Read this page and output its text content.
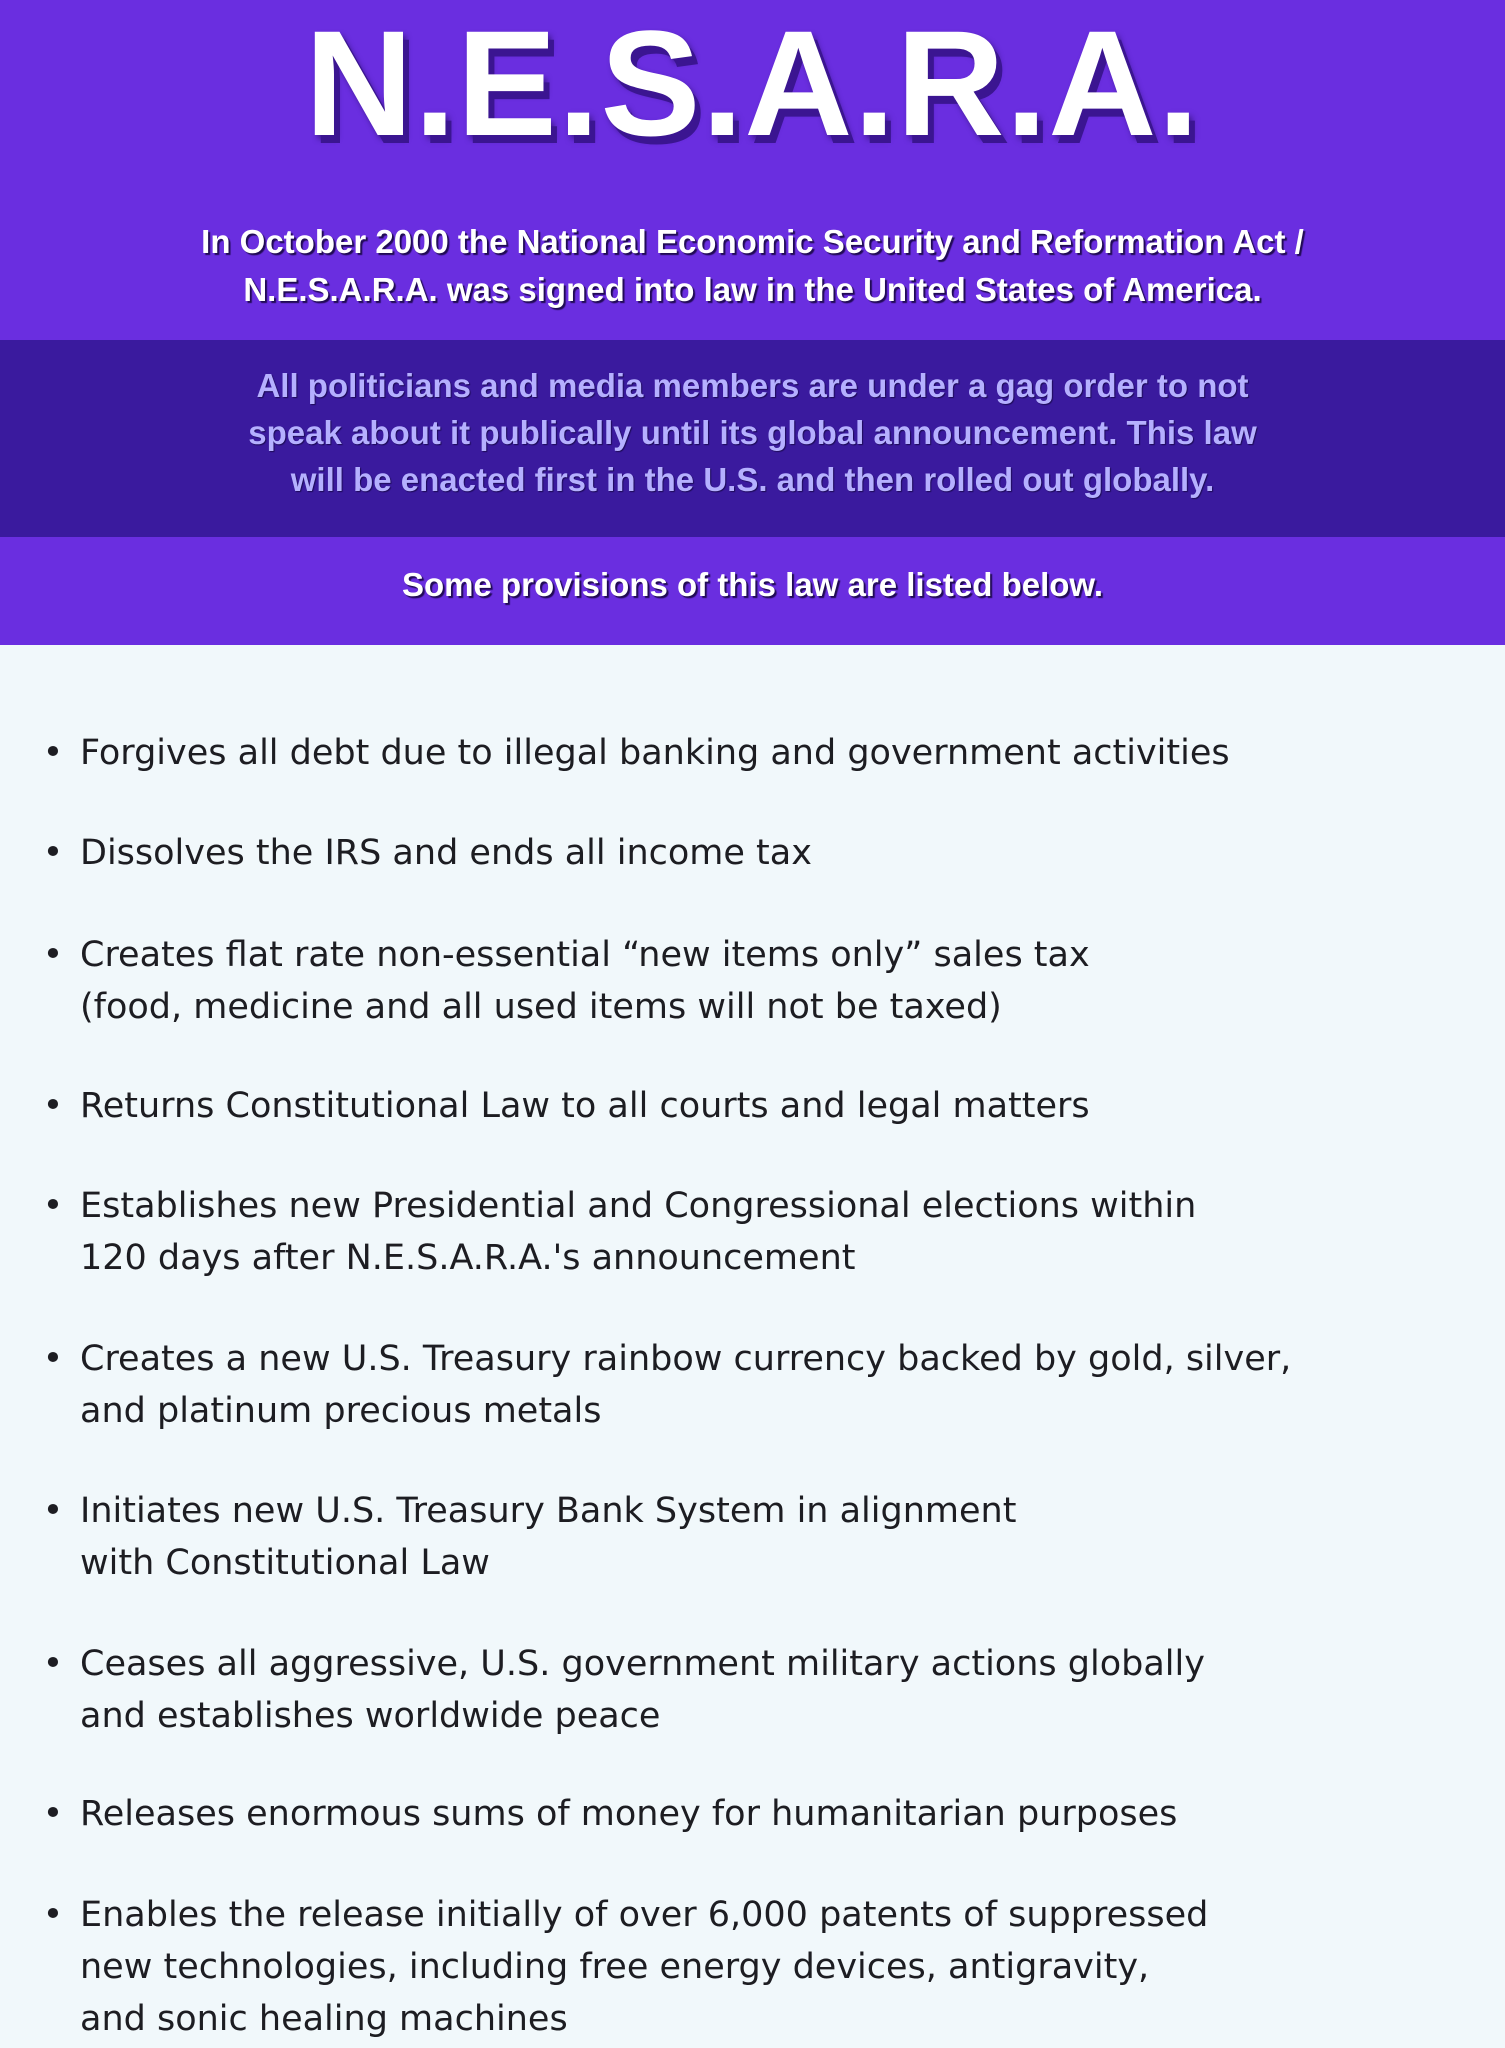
N.E.S.A.R.A.
In October 2000 the National Economic Security and Reformation Act /
N.E.S.A.R.A. was signed into law in the United States of America.
All politicians and media members are under a gag order to not
speak about it publically until its global announcement. This law
will be enacted first in the U.S. and then rolled out globally.
Some provisions of this law are listed below.
• Forgives all debt due to illegal banking and government activities
• Dissolves the IRS and ends all income tax
• Creates flat rate non-essential “new items only” sales tax
(food, medicine and all used items will not be taxed)
• Returns Constitutional Law to all courts and legal matters
• Establishes new Presidential and Congressional elections within
120 days after N.E.S.A.R.A.'s announcement
• Creates a new U.S. Treasury rainbow currency backed by gold, silver,
and platinum precious metals
• Initiates new U.S. Treasury Bank System in alignment
with Constitutional Law
• Ceases all aggressive, U.S. government military actions globally
and establishes worldwide peace
• Releases enormous sums of money for humanitarian purposes
• Enables the release initially of over 6,000 patents of suppressed
new technologies, including free energy devices, antigravity,
and sonic healing machines
